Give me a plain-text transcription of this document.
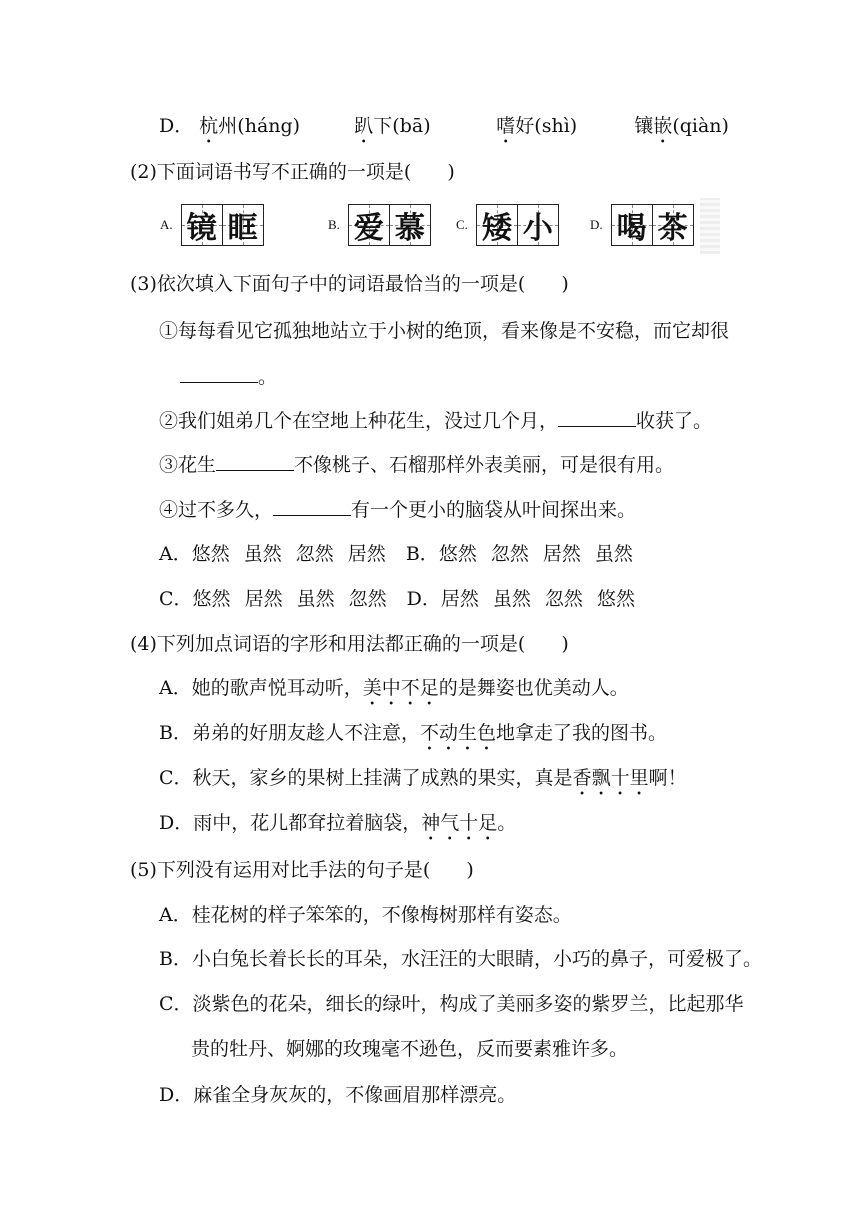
D． 杭州(háng)	趴下(bā)	嗜好(shì)	镶嵌(qiàn)
(2)下面词语书写不正确的一项是( )
A. 镜 眶	B. 爱 慕 C. 矮 小	D. 喝 茶
(3)依次填入下面句子中的词语最恰当的一项是( )
①每每看见它孤独地站立于小树的绝顶，看来像是不安稳，而它却很
。
②我们姐弟几个在空地上种花生，没过几个月，	收获了。
③花生	不像桃子、石榴那样外表美丽，可是很有用。
④过不多久，	有一个更小的脑袋从叶间探出来。
A．悠然 虽然 忽然 居然 B．悠然 忽然 居然 虽然
C．悠然 居然 虽然 忽然 D．居然 虽然 忽然 悠然
(4)下列加点词语的字形和用法都正确的一项是( )
A．她的歌声悦耳动听，美中不足的是舞姿也优美动人。
B．弟弟的好朋友趁人不注意，不动生色地拿走了我的图书。
C．秋天，家乡的果树上挂满了成熟的果实，真是香飘十里啊！
D．雨中，花儿都耷拉着脑袋，神气十足。
(5)下列没有运用对比手法的句子是( )
A．桂花树的样子笨笨的，不像梅树那样有姿态。
B．小白兔长着长长的耳朵，水汪汪的大眼睛，小巧的鼻子，可爱极了。
C．淡紫色的花朵，细长的绿叶，构成了美丽多姿的紫罗兰，比起那华
贵的牡丹、婀娜的玫瑰毫不逊色，反而要素雅许多。
D．麻雀全身灰灰的，不像画眉那样漂亮。
